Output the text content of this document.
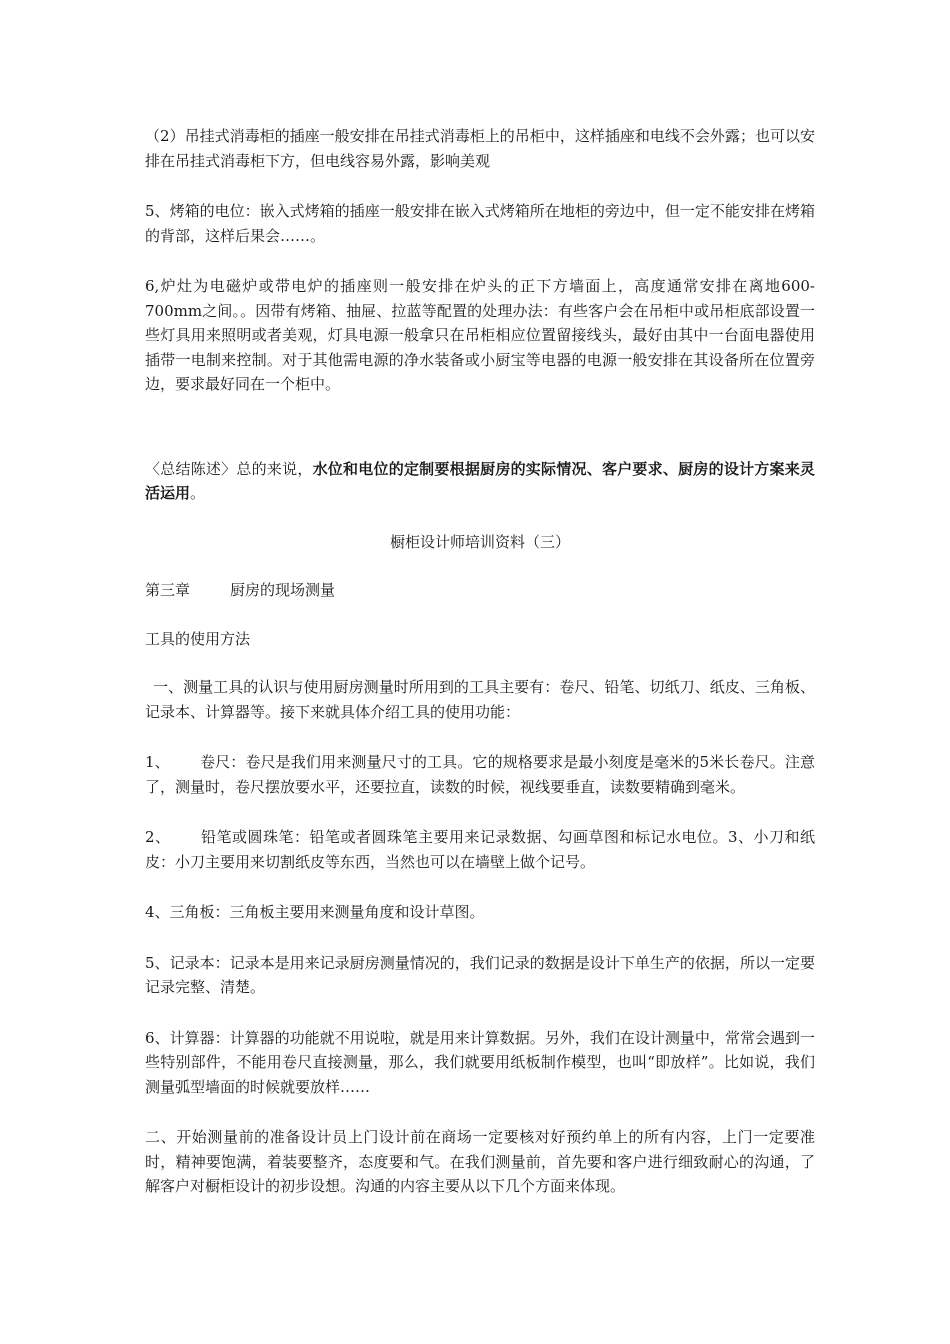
（2）吊挂式消毒柜的插座一般安排在吊挂式消毒柜上的吊柜中，这样插座和电线不会外露；也可以安排在吊挂式消毒柜下方，但电线容易外露，影响美观

5、烤箱的电位：嵌入式烤箱的插座一般安排在嵌入式烤箱所在地柜的旁边中，但一定不能安排在烤箱的背部，这样后果会……。

6,炉灶为电磁炉或带电炉的插座则一般安排在炉头的正下方墙面上，高度通常安排在离地600-700mm之间。。因带有烤箱、抽屉、拉蓝等配置的处理办法：有些客户会在吊柜中或吊柜底部设置一些灯具用来照明或者美观，灯具电源一般拿只在吊柜相应位置留接线头，最好由其中一台面电器使用插带一电制来控制。对于其他需电源的净水装备或小厨宝等电器的电源一般安排在其设备所在位置旁边，要求最好同在一个柜中。

〈总结陈述〉总的来说，水位和电位的定制要根据厨房的实际情况、客户要求、厨房的设计方案来灵活运用。

橱柜设计师培训资料（三）

第三章	厨房的现场测量

工具的使用方法

一、测量工具的认识与使用厨房测量时所用到的工具主要有：卷尺、铅笔、切纸刀、纸皮、三角板、记录本、计算器等。接下来就具体介绍工具的使用功能：

1、 卷尺：卷尺是我们用来测量尺寸的工具。它的规格要求是最小刻度是毫米的5米长卷尺。注意了，测量时，卷尺摆放要水平，还要拉直，读数的时候，视线要垂直，读数要精确到毫米。

2、 铅笔或圆珠笔：铅笔或者圆珠笔主要用来记录数据、勾画草图和标记水电位。3、小刀和纸皮：小刀主要用来切割纸皮等东西，当然也可以在墙壁上做个记号。

4、三角板：三角板主要用来测量角度和设计草图。

5、记录本：记录本是用来记录厨房测量情况的，我们记录的数据是设计下单生产的依据，所以一定要记录完整、清楚。

6、计算器：计算器的功能就不用说啦，就是用来计算数据。另外，我们在设计测量中，常常会遇到一些特别部件，不能用卷尺直接测量，那么，我们就要用纸板制作模型，也叫“即放样”。比如说，我们测量弧型墙面的时候就要放样……

二、开始测量前的准备设计员上门设计前在商场一定要核对好预约单上的所有内容，上门一定要准时，精神要饱满，着装要整齐，态度要和气。在我们测量前，首先要和客户进行细致耐心的沟通，了解客户对橱柜设计的初步设想。沟通的内容主要从以下几个方面来体现。
